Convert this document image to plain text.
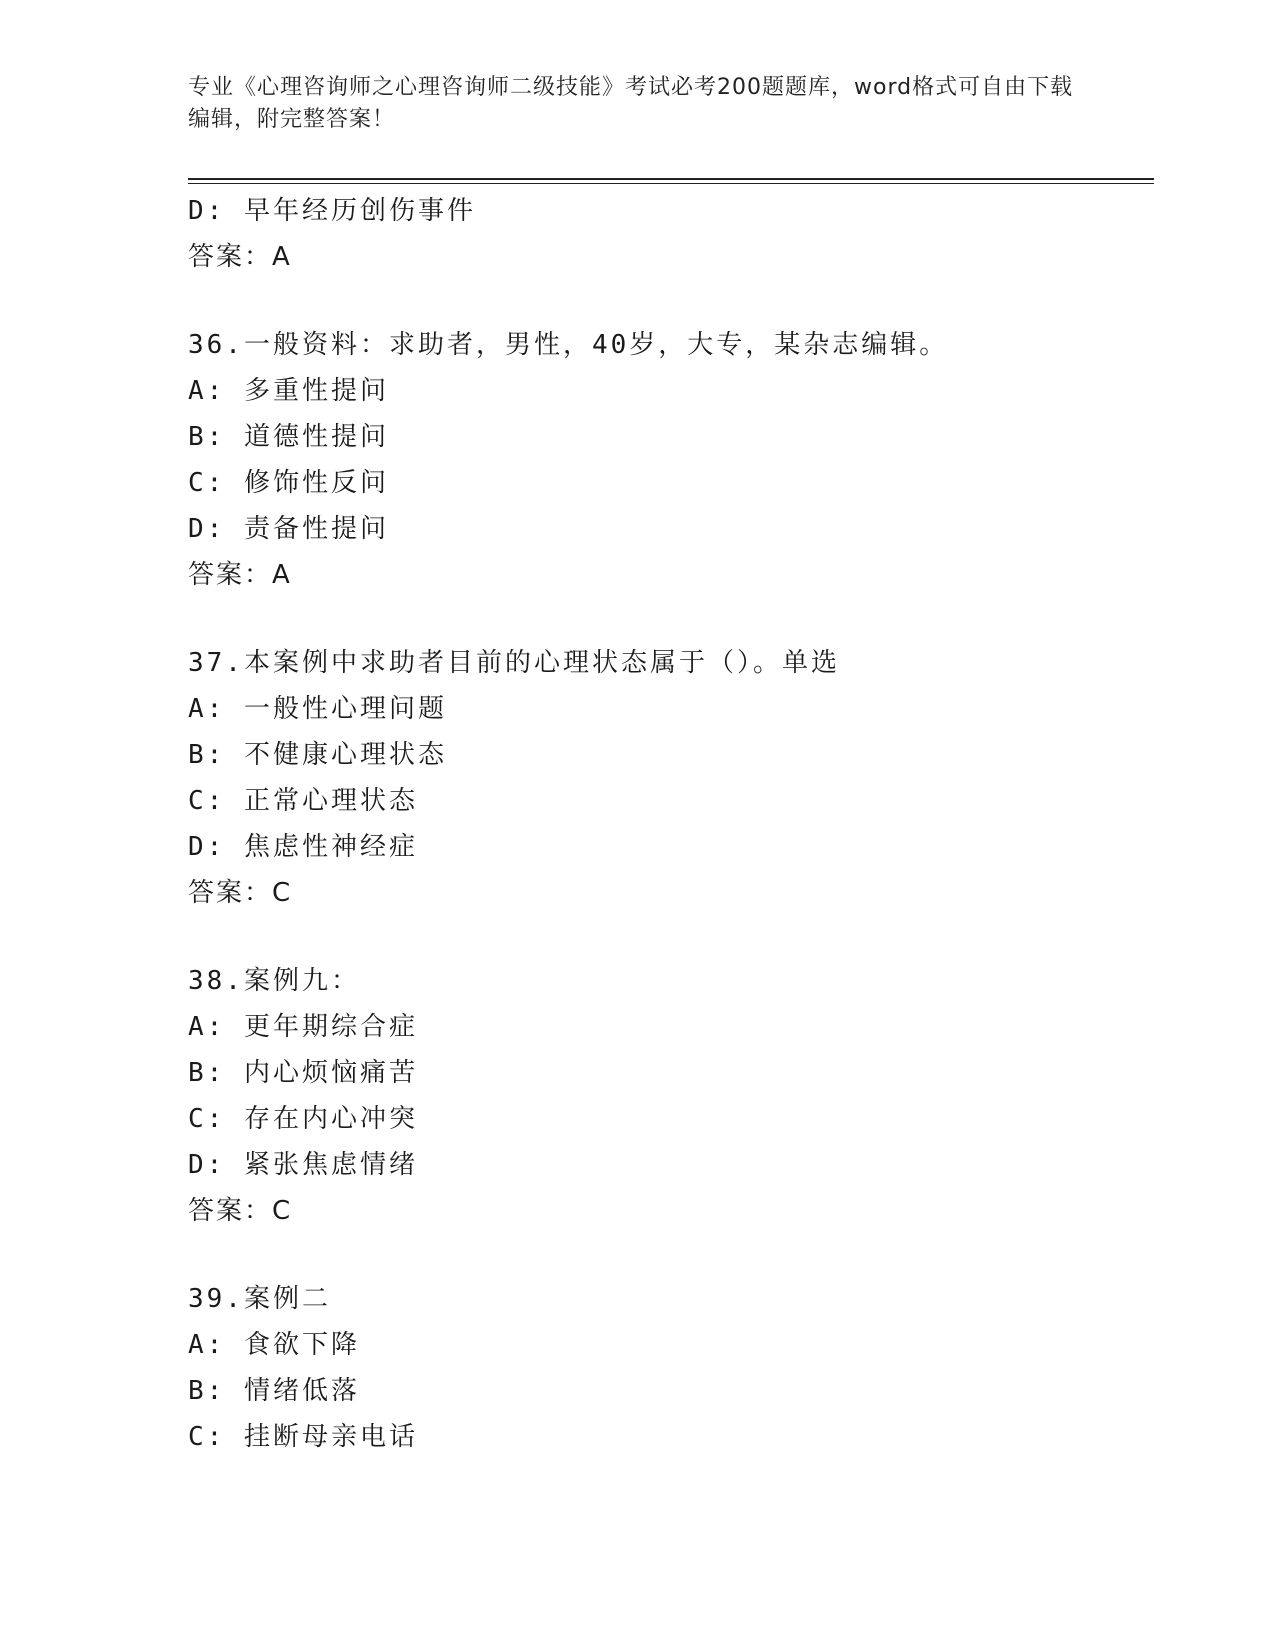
专业《心理咨询师之心理咨询师二级技能》考试必考200题题库，word格式可自由下载编辑，附完整答案！
D: 早年经历创伤事件
答案：A
36.一般资料：求助者，男性，40岁，大专，某杂志编辑。
A: 多重性提问
B: 道德性提问
C: 修饰性反问
D: 责备性提问
答案：A
37.本案例中求助者目前的心理状态属于（）。单选
A: 一般性心理问题
B: 不健康心理状态
C: 正常心理状态
D: 焦虑性神经症
答案：C
38.案例九：
A: 更年期综合症
B: 内心烦恼痛苦
C: 存在内心冲突
D: 紧张焦虑情绪
答案：C
39.案例二
A: 食欲下降
B: 情绪低落
C: 挂断母亲电话
